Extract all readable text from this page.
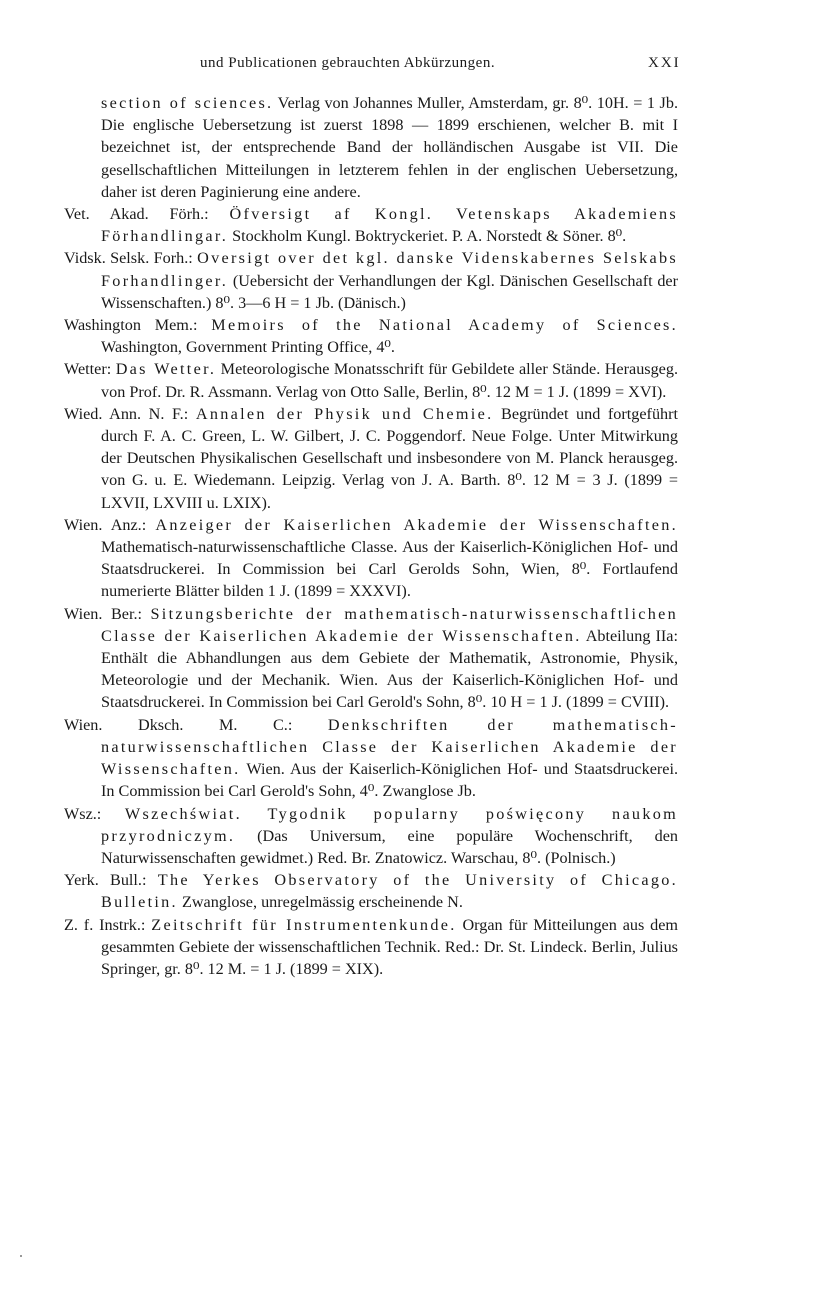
und Publicationen gebrauchten Abkürzungen.	XXI

section of sciences. Verlag von Johannes Muller, Amsterdam, gr. 8⁰. 10H. = 1 Jb. Die englische Uebersetzung ist zuerst 1898 — 1899 erschienen, welcher B. mit I bezeichnet ist, der entsprechende Band der holländischen Ausgabe ist VII. Die gesellschaftlichen Mitteilungen in letzterem fehlen in der englischen Uebersetzung, daher ist deren Paginierung eine andere.

Vet. Akad. Förh.: Öfversigt af Kongl. Vetenskaps Akademiens Förhandlingar. Stockholm Kungl. Boktryckeriet. P. A. Norstedt & Söner. 8⁰.

Vidsk. Selsk. Forh.: Oversigt over det kgl. danske Videnskabernes Selskabs Forhandlinger. (Uebersicht der Verhandlungen der Kgl. Dänischen Gesellschaft der Wissenschaften.) 8⁰. 3—6 H = 1 Jb. (Dänisch.)

Washington Mem.: Memoirs of the National Academy of Sciences. Washington, Government Printing Office, 4⁰.

Wetter: Das Wetter. Meteorologische Monatsschrift für Gebildete aller Stände. Herausgeg. von Prof. Dr. R. Assmann. Verlag von Otto Salle, Berlin, 8⁰. 12 M = 1 J. (1899 = XVI).

Wied. Ann. N. F.: Annalen der Physik und Chemie. Begründet und fortgeführt durch F. A. C. Green, L. W. Gilbert, J. C. Poggendorf. Neue Folge. Unter Mitwirkung der Deutschen Physikalischen Gesellschaft und insbesondere von M. Planck herausgeg. von G. u. E. Wiedemann. Leipzig. Verlag von J. A. Barth. 8⁰. 12 M = 3 J. (1899 = LXVII, LXVIII u. LXIX).

Wien. Anz.: Anzeiger der Kaiserlichen Akademie der Wissenschaften. Mathematisch-naturwissenschaftliche Classe. Aus der Kaiserlich-Königlichen Hof- und Staatsdruckerei. In Commission bei Carl Gerolds Sohn, Wien, 8⁰. Fortlaufend numerierte Blätter bilden 1 J. (1899 = XXXVI).

Wien. Ber.: Sitzungsberichte der mathematisch-naturwissenschaftlichen Classe der Kaiserlichen Akademie der Wissenschaften. Abteilung IIa: Enthält die Abhandlungen aus dem Gebiete der Mathematik, Astronomie, Physik, Meteorologie und der Mechanik. Wien. Aus der Kaiserlich-Königlichen Hof- und Staatsdruckerei. In Commission bei Carl Gerold's Sohn, 8⁰. 10 H = 1 J. (1899 = CVIII).

Wien. Dksch. M. C.: Denkschriften der mathematisch-naturwissenschaftlichen Classe der Kaiserlichen Akademie der Wissenschaften. Wien. Aus der Kaiserlich-Königlichen Hof- und Staatsdruckerei. In Commission bei Carl Gerold's Sohn, 4⁰. Zwanglose Jb.

Wsz.: Wszechświat. Tygodnik popularny poświęcony naukom przyrodniczym. (Das Universum, eine populäre Wochenschrift, den Naturwissenschaften gewidmet.) Red. Br. Znatowicz. Warschau, 8⁰. (Polnisch.)

Yerk. Bull.: The Yerkes Observatory of the University of Chicago. Bulletin. Zwanglose, unregelmässig erscheinende N.

Z. f. Instrk.: Zeitschrift für Instrumentenkunde. Organ für Mitteilungen aus dem gesammten Gebiete der wissenschaftlichen Technik. Red.: Dr. St. Lindeck. Berlin, Julius Springer, gr. 8⁰. 12 M. = 1 J. (1899 = XIX).
